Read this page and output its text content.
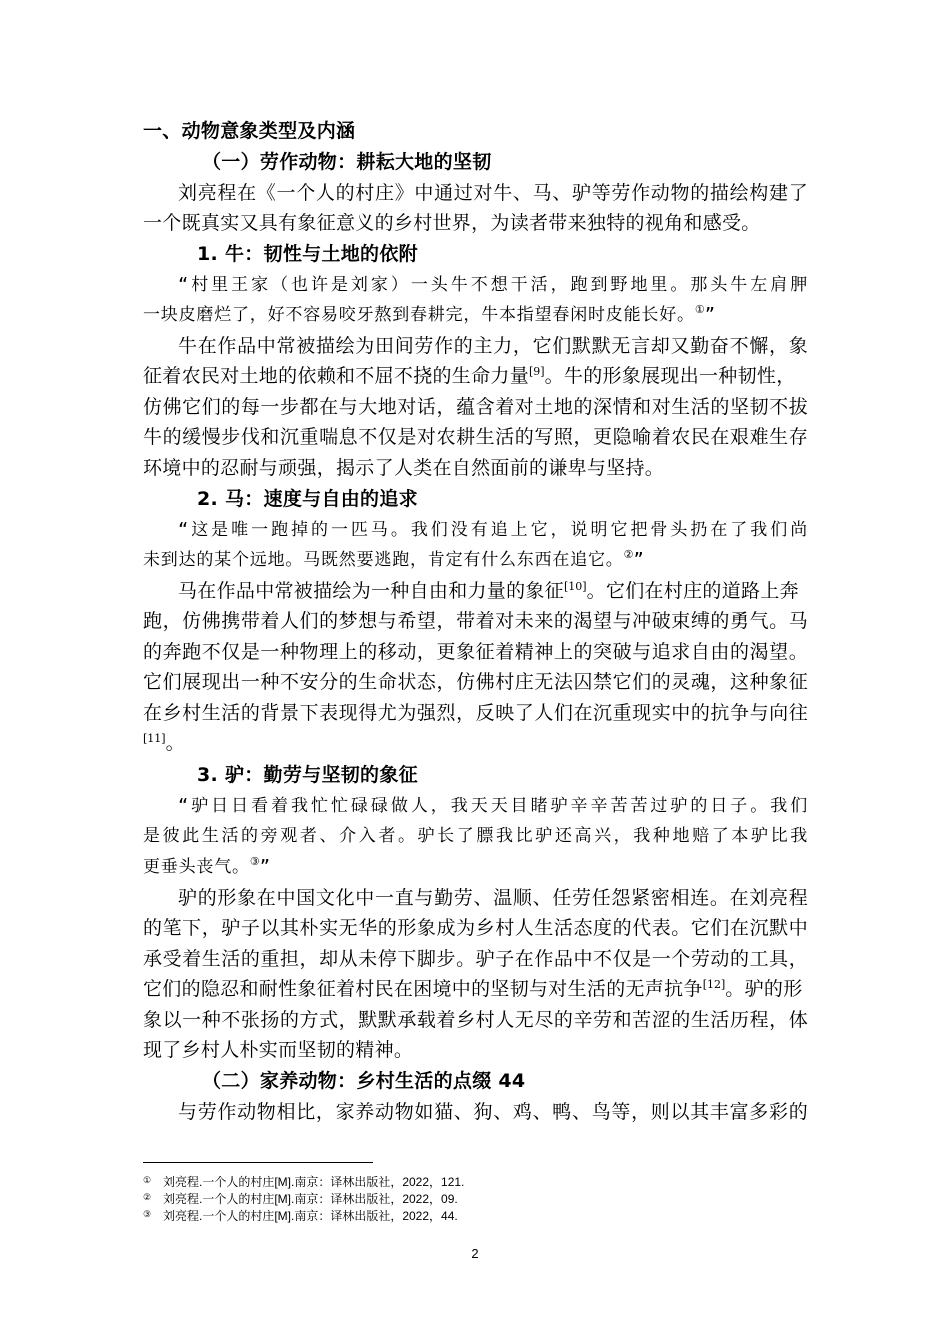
一、动物意象类型及内涵
（一）劳作动物：耕耘大地的坚韧
刘亮程在《一个人的村庄》中通过对牛、马、驴等劳作动物的描绘构建了
一个既真实又具有象征意义的乡村世界，为读者带来独特的视角和感受。
1. 牛：韧性与土地的依附
“村里王家（也许是刘家）一头牛不想干活，跑到野地里。那头牛左肩胛
一块皮磨烂了，好不容易咬牙熬到春耕完，牛本指望春闲时皮能长好。①”
牛在作品中常被描绘为田间劳作的主力，它们默默无言却又勤奋不懈，象
征着农民对土地的依赖和不屈不挠的生命力量[9]。牛的形象展现出一种韧性，
仿佛它们的每一步都在与大地对话，蕴含着对土地的深情和对生活的坚韧不拔
牛的缓慢步伐和沉重喘息不仅是对农耕生活的写照，更隐喻着农民在艰难生存
环境中的忍耐与顽强，揭示了人类在自然面前的谦卑与坚持。
2. 马：速度与自由的追求
“这是唯一跑掉的一匹马。我们没有追上它，说明它把骨头扔在了我们尚
未到达的某个远地。马既然要逃跑，肯定有什么东西在追它。②”
马在作品中常被描绘为一种自由和力量的象征[10]。它们在村庄的道路上奔
跑，仿佛携带着人们的梦想与希望，带着对未来的渴望与冲破束缚的勇气。马
的奔跑不仅是一种物理上的移动，更象征着精神上的突破与追求自由的渴望。
它们展现出一种不安分的生命状态，仿佛村庄无法囚禁它们的灵魂，这种象征
在乡村生活的背景下表现得尤为强烈，反映了人们在沉重现实中的抗争与向往
[11]。
3. 驴：勤劳与坚韧的象征
“驴日日看着我忙忙碌碌做人，我天天目睹驴辛辛苦苦过驴的日子。我们
是彼此生活的旁观者、介入者。驴长了膘我比驴还高兴，我种地赔了本驴比我
更垂头丧气。③”
驴的形象在中国文化中一直与勤劳、温顺、任劳任怨紧密相连。在刘亮程
的笔下，驴子以其朴实无华的形象成为乡村人生活态度的代表。它们在沉默中
承受着生活的重担，却从未停下脚步。驴子在作品中不仅是一个劳动的工具，
它们的隐忍和耐性象征着村民在困境中的坚韧与对生活的无声抗争[12]。驴的形
象以一种不张扬的方式，默默承载着乡村人无尽的辛劳和苦涩的生活历程，体
现了乡村人朴实而坚韧的精神。
（二）家养动物：乡村生活的点缀 44
与劳作动物相比，家养动物如猫、狗、鸡、鸭、鸟等，则以其丰富多彩的
① 刘亮程.一个人的村庄[M].南京：译林出版社，2022，121.
② 刘亮程.一个人的村庄[M].南京：译林出版社，2022，09.
③ 刘亮程.一个人的村庄[M].南京：译林出版社，2022，44.
2
